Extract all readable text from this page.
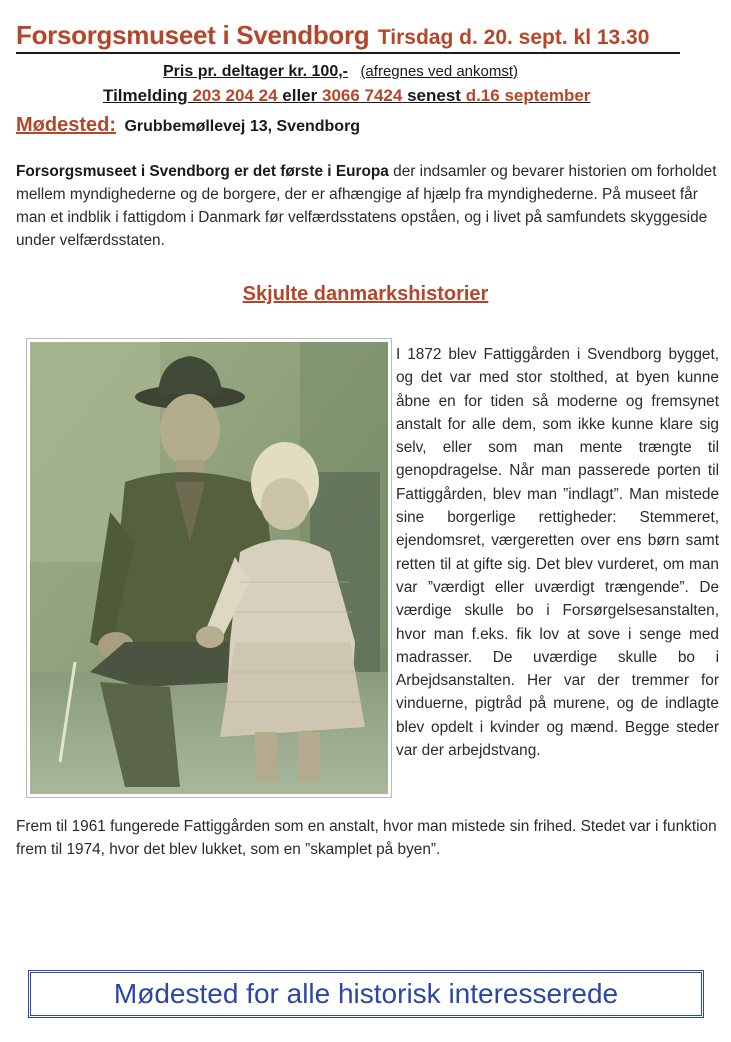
Forsorgsmuseet i Svendborg Tirsdag d. 20. sept. kl 13.30
Pris pr. deltager kr. 100,- (afregnes ved ankomst)
Tilmelding 203 204 24 eller 3066 7424 senest d.16 september
Mødested: Grubbemøllevej 13, Svendborg
Forsorgsmuseet i Svendborg er det første i Europa der indsamler og bevarer historien om forholdet mellem myndighederne og de borgere, der er afhængige af hjælp fra myndighederne. På museet får man et indblik i fattigdom i Danmark før velfærdsstatens opståen, og i livet på samfundets skyggeside under velfærdsstaten.
Skjulte danmarkshistorier
I 1872 blev Fattiggården i Svendborg bygget, og det var med stor stolthed, at byen kunne åbne en for tiden så moderne og fremsynet anstalt for alle dem, som ikke kunne klare sig selv, eller som man mente trængte til genopdragelse. Når man passerede porten til Fattiggården, blev man ”indlagt”. Man mistede sine borgerlige rettigheder: Stemmeret, ejendomsret, værgeretten over ens børn samt retten til at gifte sig. Det blev vurderet, om man var ”værdigt eller uværdigt trængende”. De værdige skulle bo i Forsørgelsesanstalten, hvor man f.eks. fik lov at sove i senge med madrasser. De uværdige skulle bo i Arbejdsanstalten. Her var der tremmer for vinduerne, pigtråd på murene, og de indlagte blev opdelt i kvinder og mænd. Begge steder var der arbejdstvang.
Frem til 1961 fungerede Fattiggården som en anstalt, hvor man mistede sin frihed. Stedet var i funktion frem til 1974, hvor det blev lukket, som en ”skamplet på byen”.
Mødested for alle historisk interesserede
